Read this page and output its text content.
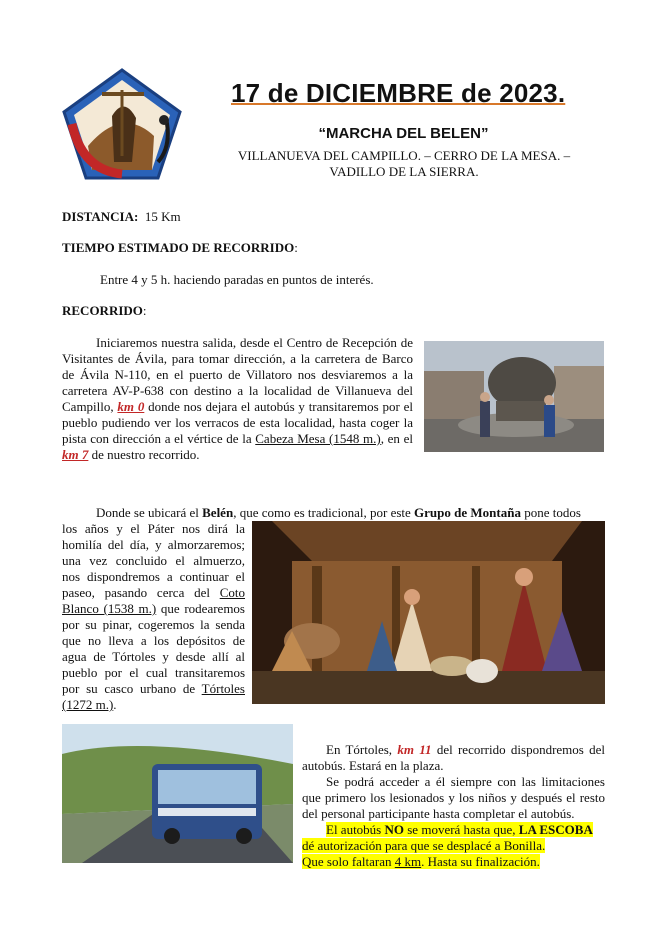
17 de DICIEMBRE de 2023.
“MARCHA DEL BELEN”
VILLANUEVA DEL CAMPILLO. – CERRO DE LA MESA. –
VADILLO DE LA SIERRA.
DISTANCIA: 15 Km
TIEMPO ESTIMADO DE RECORRIDO:
Entre 4 y 5 h. haciendo paradas en puntos de interés.
RECORRIDO:
Iniciaremos nuestra salida, desde el Centro de Recepción de Visitantes de Ávila, para tomar dirección, a la carretera de Barco de Ávila N-110, en el puerto de Villatoro nos desviaremos a la carretera AV-P-638 con destino a la localidad de Villanueva del Campillo, km 0 donde nos dejara el autobús y transitaremos por el pueblo pudiendo ver los verracos de esta localidad, hasta coger la pista con dirección a el vértice de la Cabeza Mesa (1548 m.), en el km 7 de nuestro recorrido.
Donde se ubicará el Belén, que como es tradicional, por este Grupo de Montaña pone todos
los años y el Páter nos dirá la homilía del día, y almorzaremos; una vez concluido el almuerzo, nos dispondremos a continuar el paseo, pasando cerca del Coto Blanco (1538 m.) que rodearemos por su pinar, cogeremos la senda que no lleva a los depósitos de agua de Tórtoles y desde allí al pueblo por el cual transitaremos por su casco urbano de Tórtoles (1272 m.).
En Tórtoles, km 11 del recorrido dispondremos del autobús. Estará en la plaza.
Se podrá acceder a él siempre con las limitaciones que primero los lesionados y los niños y después el resto del personal participante hasta completar el autobús.
El autobús NO se moverá hasta que, LA ESCOBA dé autorización para que se desplacé a Bonilla.
Que solo faltaran 4 km. Hasta su finalización.
